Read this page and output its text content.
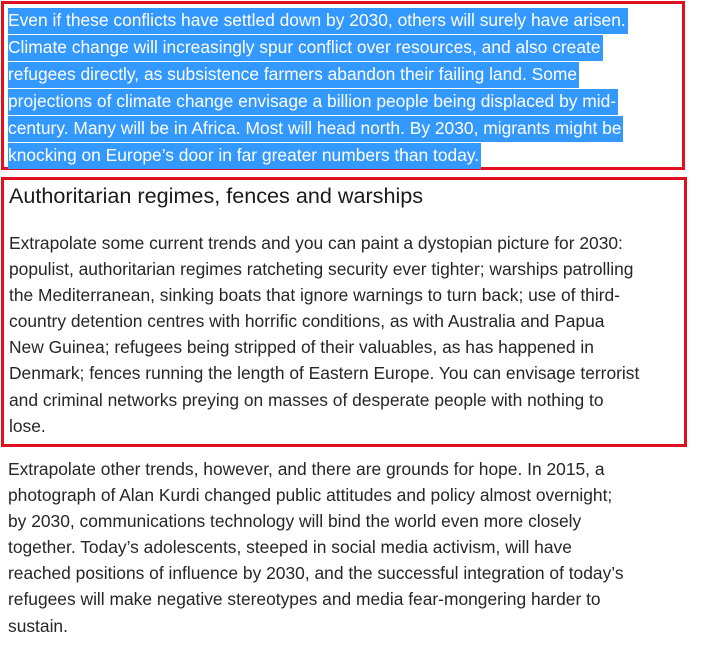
Even if these conflicts have settled down by 2030, others will surely have arisen.
Climate change will increasingly spur conflict over resources, and also create
refugees directly, as subsistence farmers abandon their failing land. Some
projections of climate change envisage a billion people being displaced by mid-
century. Many will be in Africa. Most will head north. By 2030, migrants might be
knocking on Europe’s door in far greater numbers than today.

Authoritarian regimes, fences and warships

Extrapolate some current trends and you can paint a dystopian picture for 2030:
populist, authoritarian regimes ratcheting security ever tighter; warships patrolling
the Mediterranean, sinking boats that ignore warnings to turn back; use of third-
country detention centres with horrific conditions, as with Australia and Papua
New Guinea; refugees being stripped of their valuables, as has happened in
Denmark; fences running the length of Eastern Europe. You can envisage terrorist
and criminal networks preying on masses of desperate people with nothing to
lose.

Extrapolate other trends, however, and there are grounds for hope. In 2015, a
photograph of Alan Kurdi changed public attitudes and policy almost overnight;
by 2030, communications technology will bind the world even more closely
together. Today’s adolescents, steeped in social media activism, will have
reached positions of influence by 2030, and the successful integration of today’s
refugees will make negative stereotypes and media fear-mongering harder to
sustain.
